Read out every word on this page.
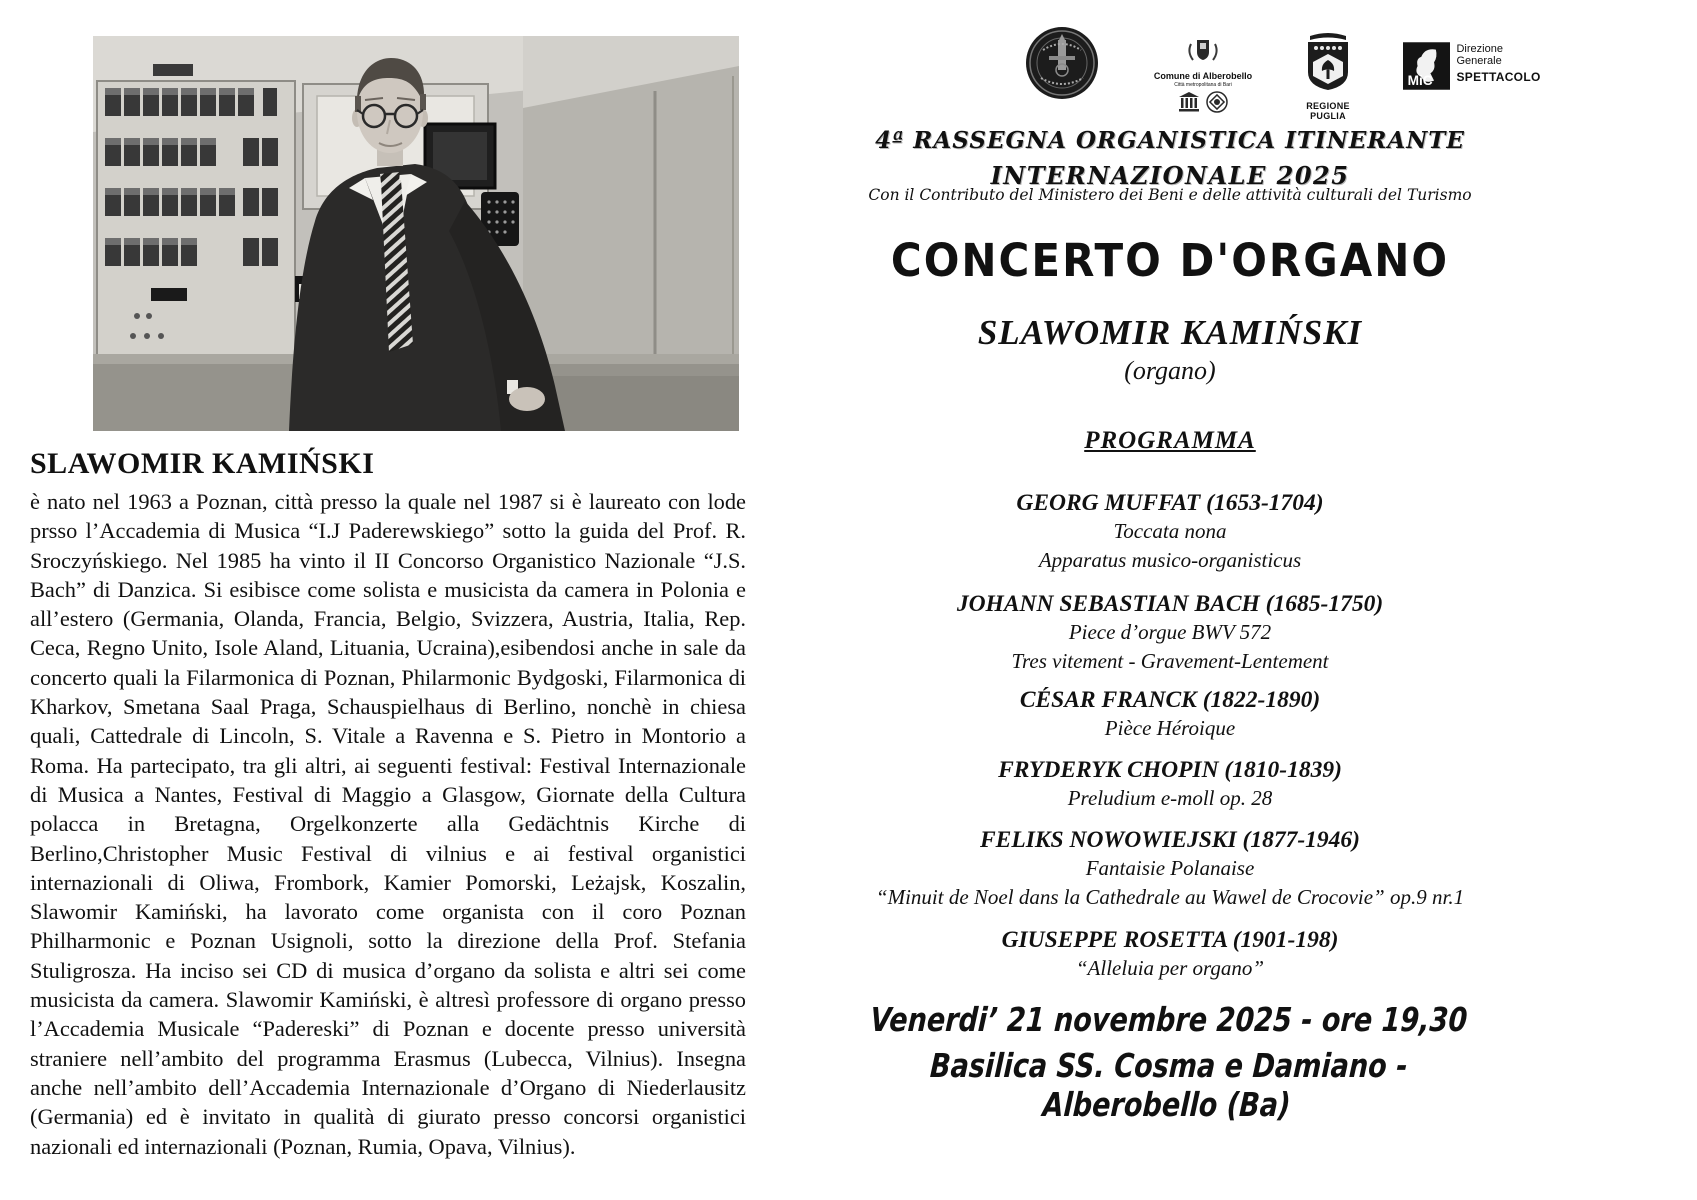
SLAWOMIR KAMIŃSKI
è nato nel 1963 a Poznan, città presso la quale nel 1987 si è laureato con lode prsso l’Accademia di Musica “I.J Paderewskiego” sotto la guida del Prof. R. Sroczyńskiego. Nel 1985 ha vinto il II Concorso Organistico Nazionale “J.S. Bach” di Danzica. Si esibisce come solista e musicista da camera in Polonia e all’estero (Germania, Olanda, Francia, Belgio, Svizzera, Austria, Italia, Rep. Ceca, Regno Unito, Isole Aland, Lituania, Ucraina),esibendosi anche in sale da concerto quali la Filarmonica di Poznan, Philarmonic Bydgoski, Filarmonica di Kharkov, Smetana Saal Praga, Schauspielhaus di Berlino, nonchè in chiesa quali, Cattedrale di Lincoln, S. Vitale a Ravenna e S. Pietro in Montorio a Roma. Ha partecipato, tra gli altri, ai seguenti festival: Festival Internazionale di Musica a Nantes, Festival di Maggio a Glasgow, Giornate della Cultura polacca in Bretagna, Orgelkonzerte alla Gedächtnis Kirche di Berlino,Christopher Music Festival di vilnius e ai festival organistici internazionali di Oliwa, Frombork, Kamier Pomorski, Leżajsk, Koszalin, Slawomir Kamiński, ha lavorato come organista con il coro Poznan Philharmonic e Poznan Usignoli, sotto la direzione della Prof. Stefania Stuligrosza. Ha inciso sei CD di musica d’organo da solista e altri sei come musicista da camera. Slawomir Kamiński, è altresì professore di organo presso l’Accademia Musicale “Padereski” di Poznan e docente presso università straniere nell’ambito del programma Erasmus (Lubecca, Vilnius). Insegna anche nell’ambito dell’Accademia Internazionale d’Organo di Niederlausitz (Germania) ed è invitato in qualità di giurato presso concorsi organistici nazionali ed internazionali (Poznan, Rumia, Opava, Vilnius).
Comune di Alberobello
Città metropolitana di Bari
REGIONE PUGLIA
MiC
Direzione Generale
SPETTACOLO
4ª RASSEGNA ORGANISTICA ITINERANTE
INTERNAZIONALE 2025
Con il Contributo del Ministero dei Beni e delle attività culturali del Turismo
CONCERTO D'ORGANO
SLAWOMIR KAMIŃSKI
(organo)
PROGRAMMA
GEORG MUFFAT (1653-1704)
Toccata nona
Apparatus musico-organisticus
JOHANN SEBASTIAN BACH (1685-1750)
Piece d’orgue BWV 572
Tres vitement - Gravement-Lentement
CÉSAR FRANCK (1822-1890)
Pièce Héroique
FRYDERYK CHOPIN (1810-1839)
Preludium e-moll op. 28
FELIKS NOWOWIEJSKI (1877-1946)
Fantaisie Polanaise
“Minuit de Noel dans la Cathedrale au Wawel de Crocovie” op.9 nr.1
GIUSEPPE ROSETTA (1901-198)
“Alleluia per organo”
Venerdi’ 21 novembre 2025 - ore 19,30
Basilica SS. Cosma e Damiano - Alberobello (Ba)
